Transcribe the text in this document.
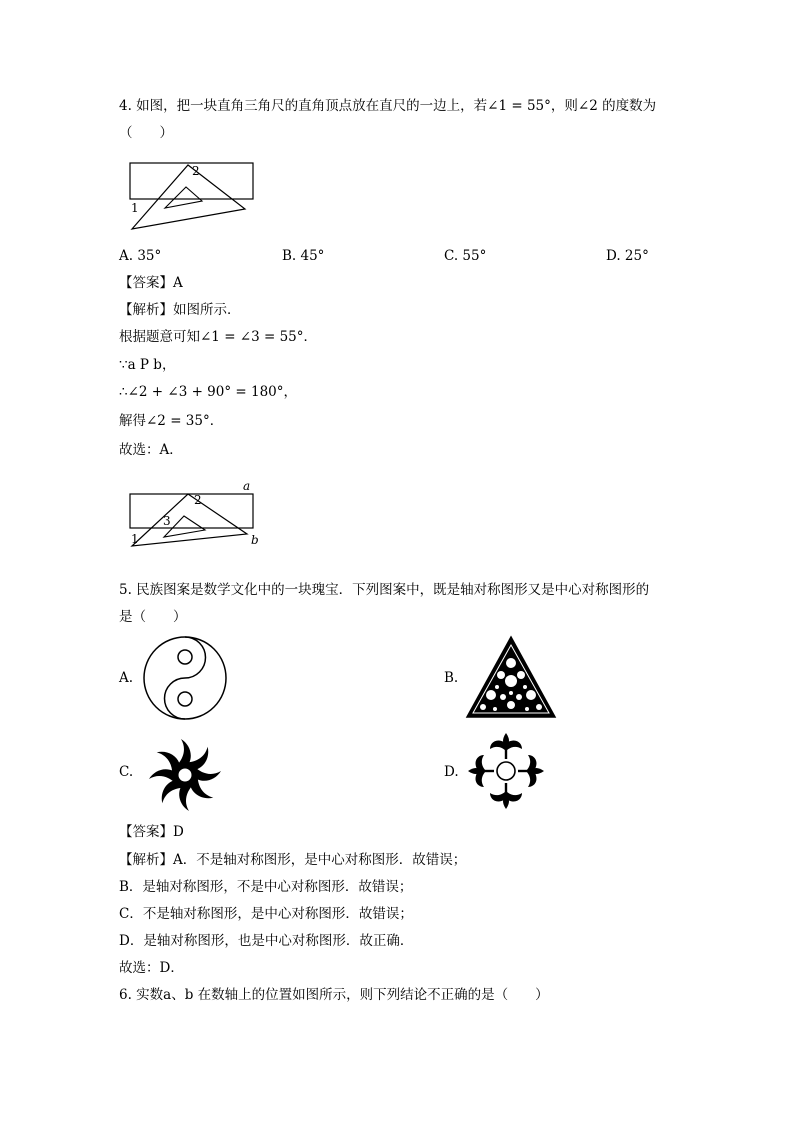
4. 如图，把一块直角三角尺的直角顶点放在直尺的一边上，若∠1 = 55°，则∠2 的度数为
（　　）
2
1
A. 35°	B. 45°	C. 55°	D. 25°
【答案】A
【解析】如图所示．
根据题意可知∠1 = ∠3 = 55°．
∵a P b，
∴∠2 + ∠3 + 90° = 180°，
解得∠2 = 35°．
故选：A．
a
b
2
3
1
5. 民族图案是数学文化中的一块瑰宝．下列图案中，既是轴对称图形又是中心对称图形的
是（　　）
A.	B.
C.	D.
【答案】D
【解析】A．不是轴对称图形，是中心对称图形．故错误；
B．是轴对称图形，不是中心对称图形．故错误；
C．不是轴对称图形，是中心对称图形．故错误；
D．是轴对称图形，也是中心对称图形．故正确．
故选：D．
6. 实数a、b 在数轴上的位置如图所示，则下列结论不正确的是（　　）
